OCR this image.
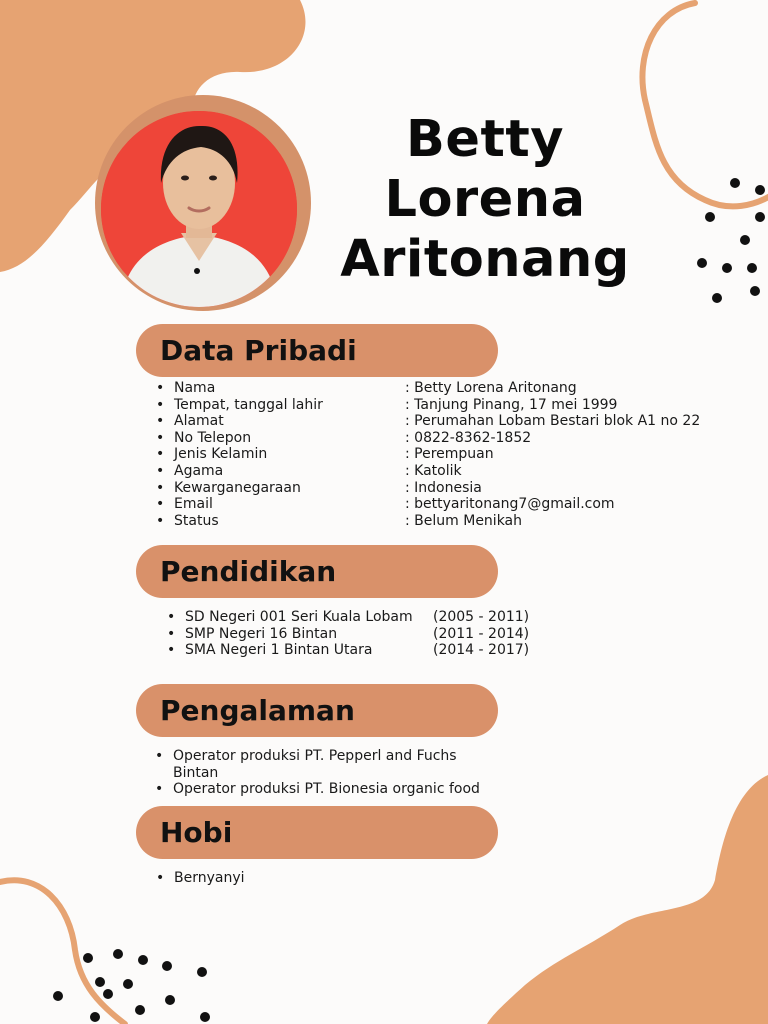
Betty Lorena
Aritonang
Data Pribadi
• Nama	: Betty Lorena Aritonang
• Tempat, tanggal lahir	: Tanjung Pinang, 17 mei 1999
• Alamat	: Perumahan Lobam Bestari blok A1 no 22
• No Telepon	: 0822-8362-1852
• Jenis Kelamin	: Perempuan
• Agama	: Katolik
• Kewarganegaraan	: Indonesia
• Email	: bettyaritonang7@gmail.com
• Status	: Belum Menikah
Pendidikan
• SD Negeri 001 Seri Kuala Lobam (2005 - 2011)
• SMP Negeri 16 Bintan	(2011 - 2014)
• SMA Negeri 1 Bintan Utara	(2014 - 2017)
Pengalaman
• Operator produksi PT. Pepperl and Fuchs Bintan
• Operator produksi PT. Bionesia organic food
Hobi
• Bernyanyi
